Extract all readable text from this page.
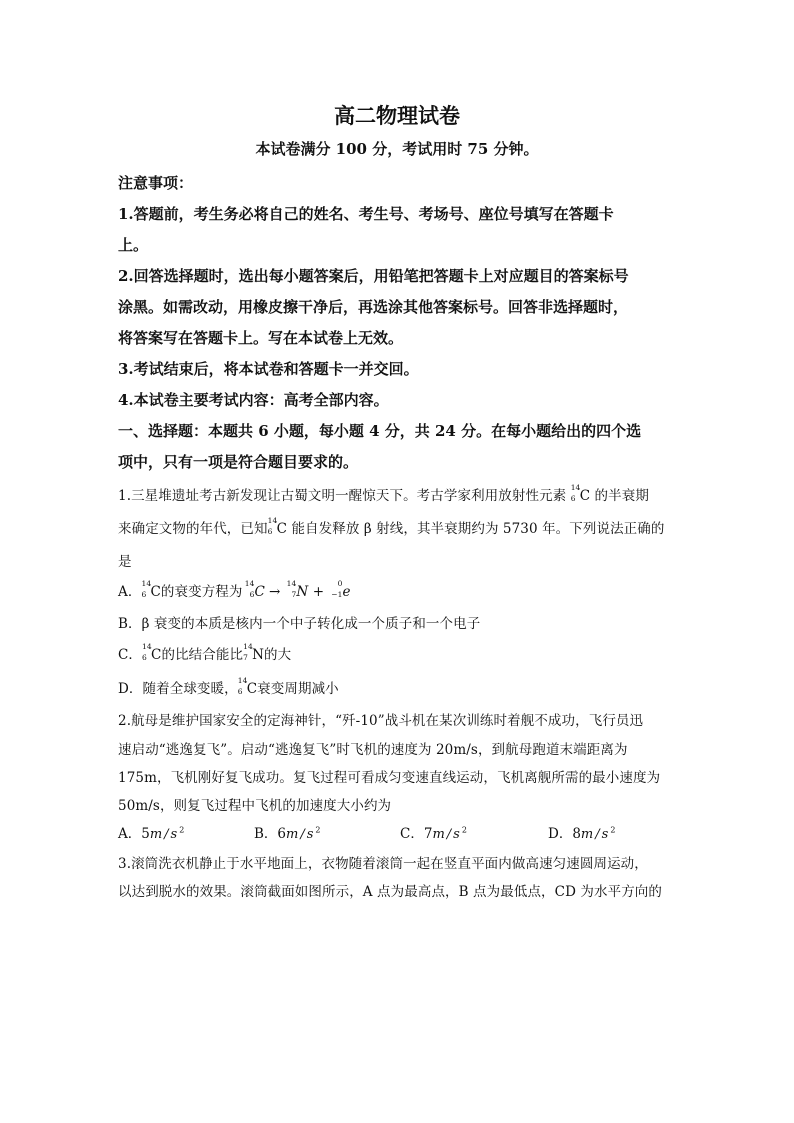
高二物理试卷
本试卷满分 100 分，考试用时 75 分钟。
注意事项：
1.答题前，考生务必将自己的姓名、考生号、考场号、座位号填写在答题卡
上。
2.回答选择题时，选出每小题答案后，用铅笔把答题卡上对应题目的答案标号
涂黑。如需改动，用橡皮擦干净后，再选涂其他答案标号。回答非选择题时，
将答案写在答题卡上。写在本试卷上无效。
3.考试结束后，将本试卷和答题卡一并交回。
4.本试卷主要考试内容：高考全部内容。
一、选择题：本题共 6 小题，每小题 4 分，共 24 分。在每小题给出的四个选
项中，只有一项是符合题目要求的。
1.三星堆遗址考古新发现让古蜀文明一醒惊天下。考古学家利用放射性元素
14
6 C 的半衰期
来确定文物的年代，已知
14
6 C 能自发释放 β 射线，其半衰期约为 5730 年。下列说法正确的
是
A．
14
6 C的衰变方程为
14
6 C →
14
7 N +
0
−1 e
B．β 衰变的本质是核内一个中子转化成一个质子和一个电子
C．
14
6 C的比结合能比
14
7 N的大
D．随着全球变暖，
14
6 C衰变周期减小
2.航母是维护国家安全的定海神针，“歼-10”战斗机在某次训练时着舰不成功，飞行员迅
速启动“逃逸复飞”。启动“逃逸复飞”时飞机的速度为 20m/s，到航母跑道末端距离为
175m，飞机刚好复飞成功。复飞过程可看成匀变速直线运动，飞机离舰所需的最小速度为
50m/s，则复飞过程中飞机的加速度大小约为
A．$5m/s^2$	B．$6m/s^2$	C．$7m/s^2$	D．$8m/s^2$
3.滚筒洗衣机静止于水平地面上，衣物随着滚筒一起在竖直平面内做高速匀速圆周运动，
以达到脱水的效果。滚筒截面如图所示，A 点为最高点，B 点为最低点，CD 为水平方向的
